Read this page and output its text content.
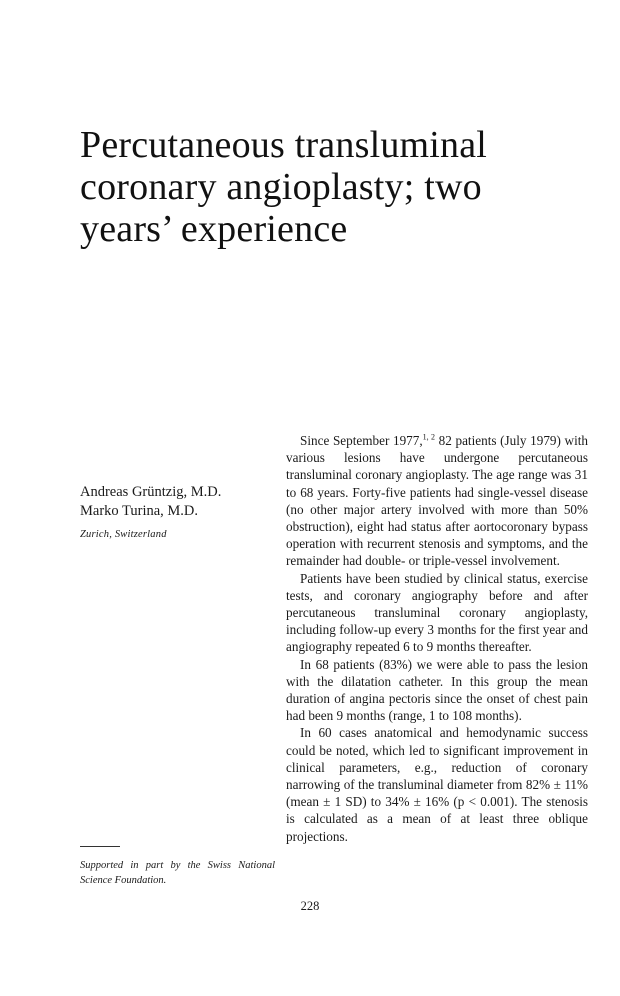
Percutaneous transluminal coronary angioplasty; two years’ experience
Andreas Grüntzig, M.D.
Marko Turina, M.D.
Zurich, Switzerland
Supported in part by the Swiss National Science Foundation.

Since September 1977,$^{1, 2}$ 82 patients (July 1979) with various lesions have undergone percutaneous transluminal coronary angioplasty. The age range was 31 to 68 years. Forty-five patients had single-vessel disease (no other major artery involved with more than 50% obstruction), eight had status after aortocoronary bypass operation with recurrent stenosis and symptoms, and the remainder had double- or triple-vessel involvement.

Patients have been studied by clinical status, exercise tests, and coronary angiography before and after percutaneous transluminal coronary angioplasty, including follow-up every 3 months for the first year and angiography repeated 6 to 9 months thereafter.

In 68 patients (83%) we were able to pass the lesion with the dilatation catheter. In this group the mean duration of angina pectoris since the onset of chest pain had been 9 months (range, 1 to 108 months).

In 60 cases anatomical and hemodynamic success could be noted, which led to significant improvement in clinical parameters, e.g., reduction of coronary narrowing of the transluminal diameter from 82% ± 11% (mean ± 1 SD) to 34% ± 16% (p < 0.001). The stenosis is calculated as a mean of at least three oblique projections.

228
